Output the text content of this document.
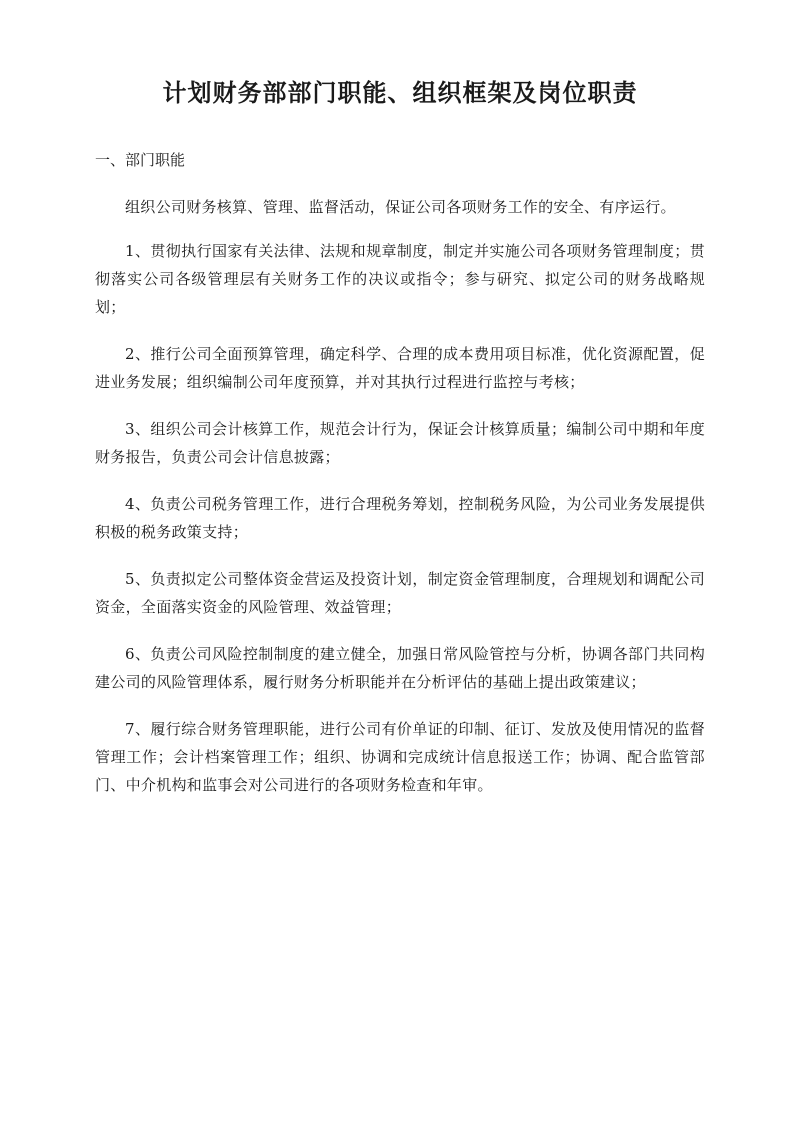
计划财务部部门职能、组织框架及岗位职责
一、部门职能

组织公司财务核算、管理、监督活动，保证公司各项财务工作的安全、有序运行。

1、贯彻执行国家有关法律、法规和规章制度，制定并实施公司各项财务管理制度；贯彻落实公司各级管理层有关财务工作的决议或指令；参与研究、拟定公司的财务战略规划；

2、推行公司全面预算管理，确定科学、合理的成本费用项目标准，优化资源配置，促进业务发展；组织编制公司年度预算，并对其执行过程进行监控与考核；

3、组织公司会计核算工作，规范会计行为，保证会计核算质量；编制公司中期和年度财务报告，负责公司会计信息披露；

4、负责公司税务管理工作，进行合理税务筹划，控制税务风险，为公司业务发展提供积极的税务政策支持；

5、负责拟定公司整体资金营运及投资计划，制定资金管理制度，合理规划和调配公司资金，全面落实资金的风险管理、效益管理；

6、负责公司风险控制制度的建立健全，加强日常风险管控与分析，协调各部门共同构建公司的风险管理体系，履行财务分析职能并在分析评估的基础上提出政策建议；

7、履行综合财务管理职能，进行公司有价单证的印制、征订、发放及使用情况的监督管理工作；会计档案管理工作；组织、协调和完成统计信息报送工作；协调、配合监管部门、中介机构和监事会对公司进行的各项财务检查和年审。
